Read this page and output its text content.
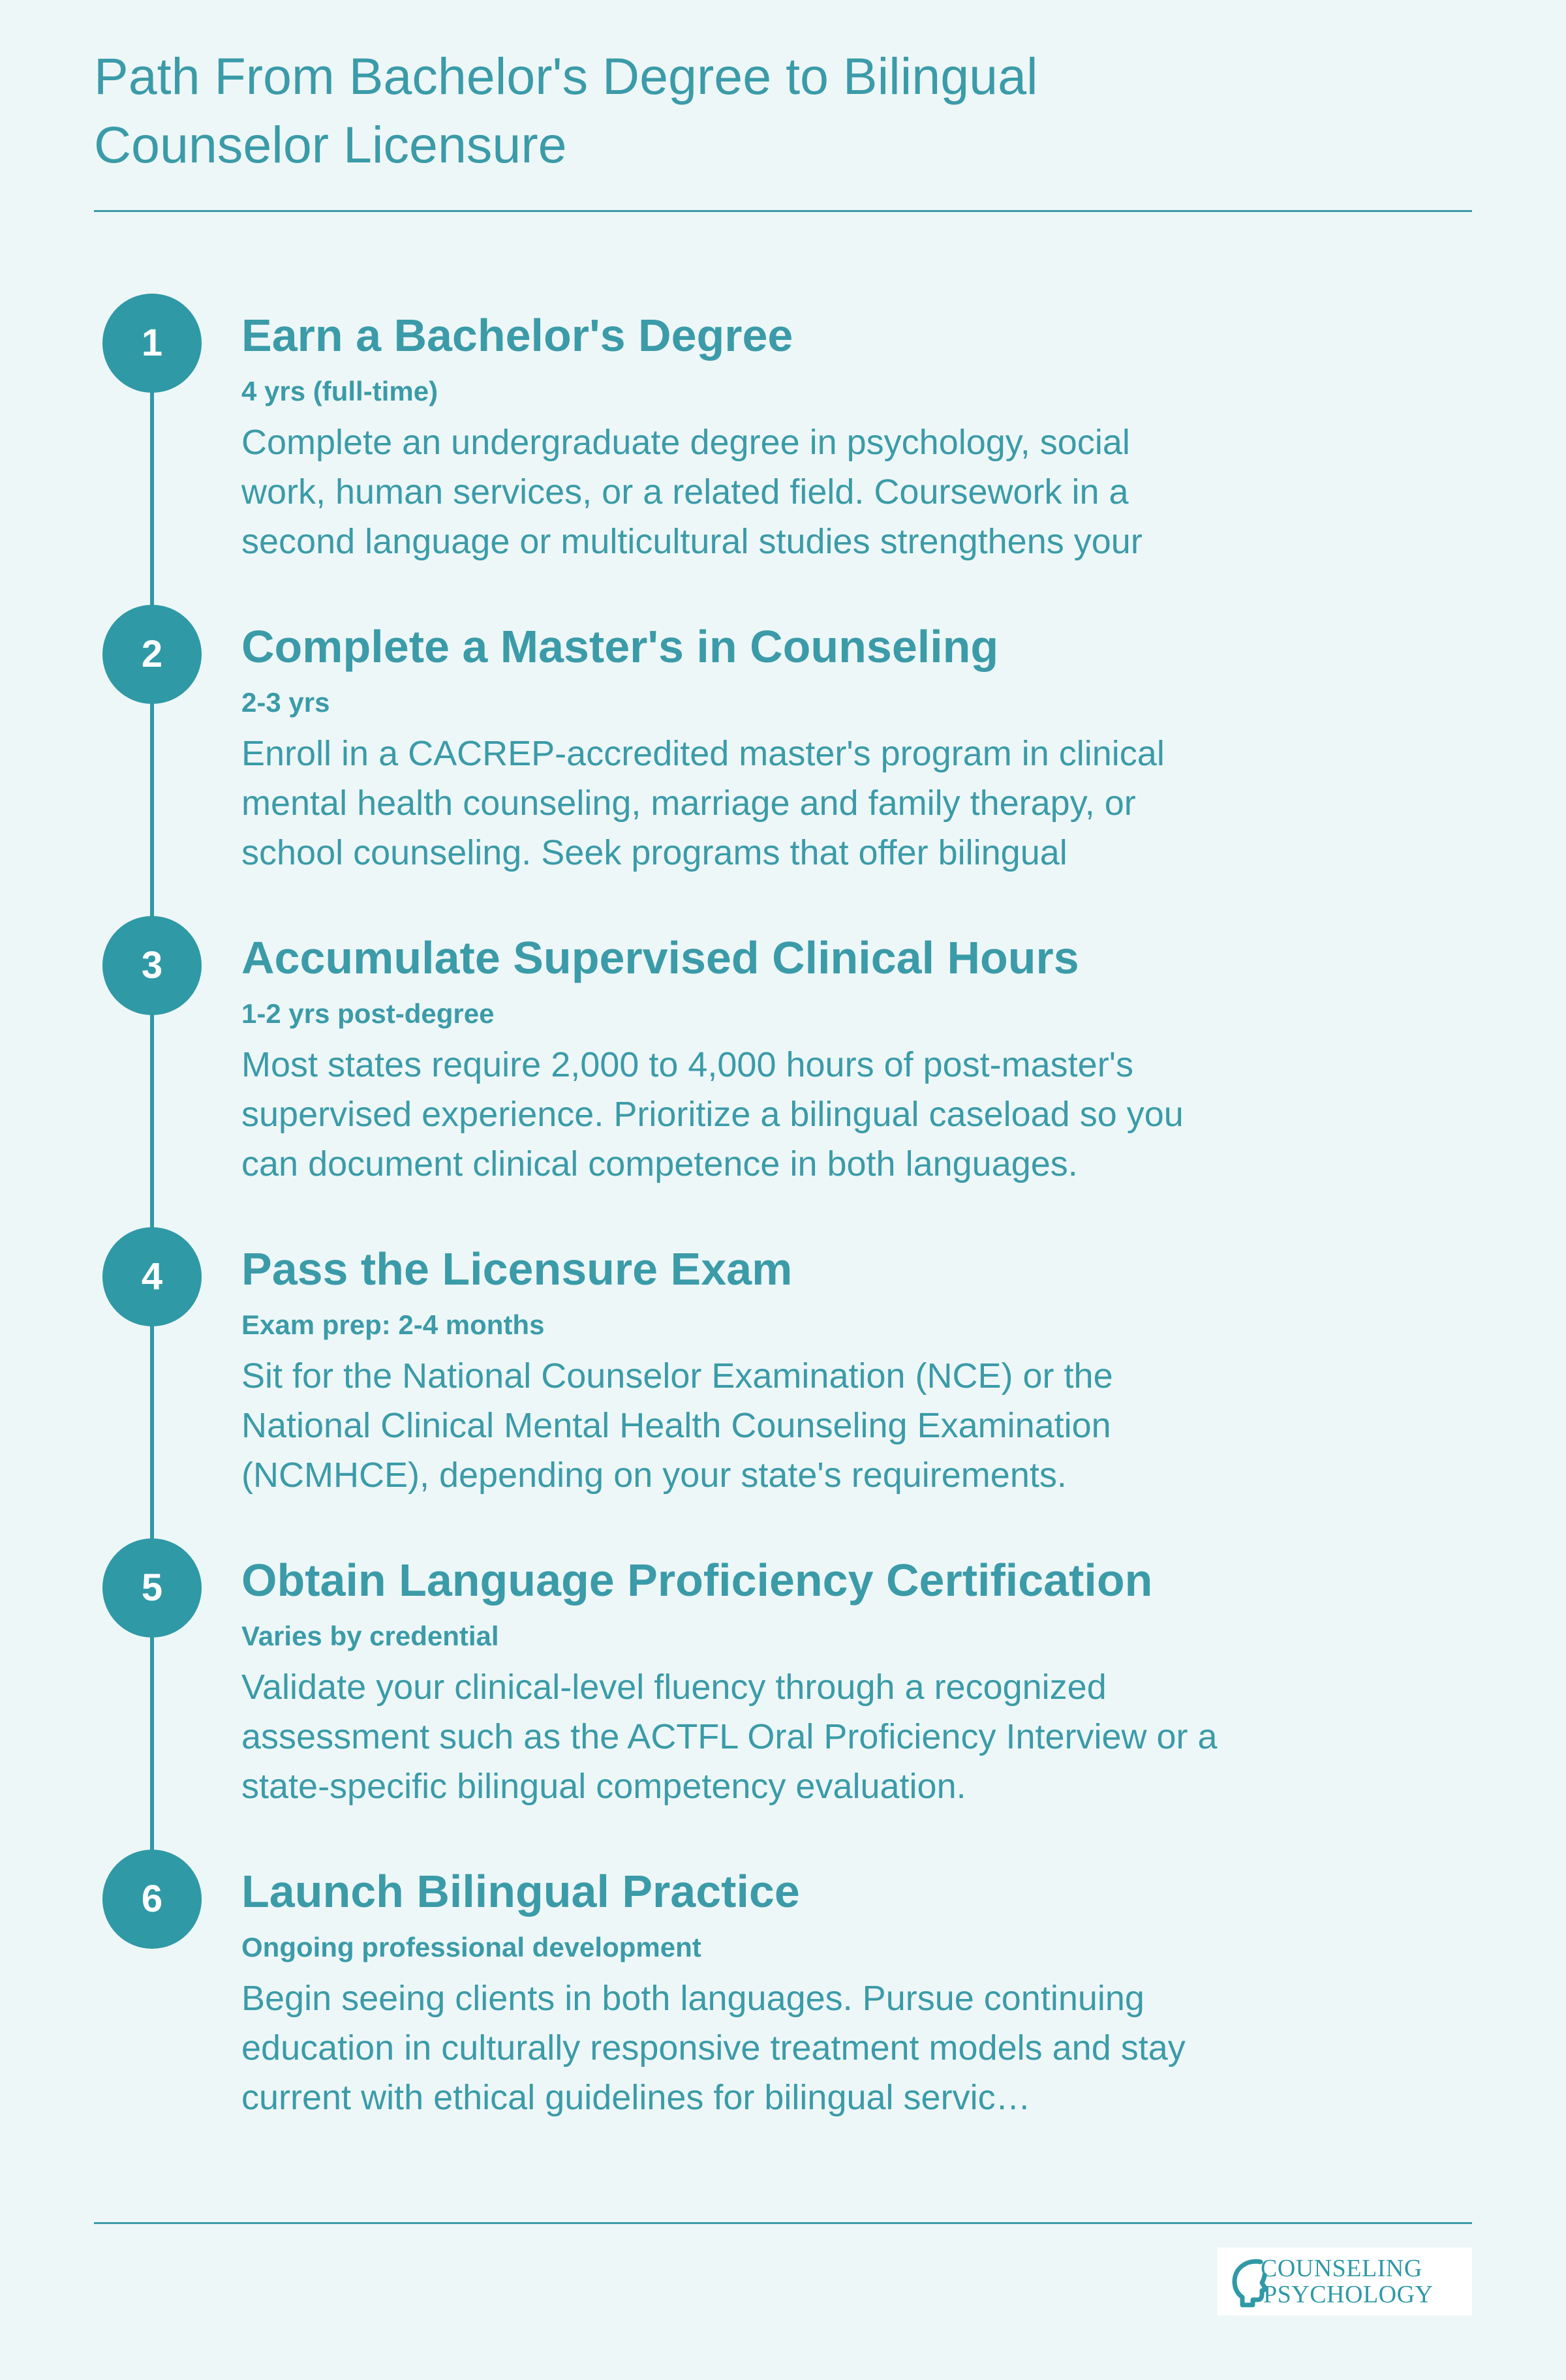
Path From Bachelor's Degree to Bilingual Counselor Licensure
1	Earn a Bachelor's Degree
4 yrs (full-time)

Complete an undergraduate degree in psychology, social work, human services, or a related field. Coursework in a second language or multicultural studies strengthens your

2	Complete a Master's in Counseling
2-3 yrs

Enroll in a CACREP-accredited master's program in clinical mental health counseling, marriage and family therapy, or school counseling. Seek programs that offer bilingual

3	Accumulate Supervised Clinical Hours
1-2 yrs post-degree

Most states require 2,000 to 4,000 hours of post-master's supervised experience. Prioritize a bilingual caseload so you can document clinical competence in both languages.

4	Pass the Licensure Exam
Exam prep: 2-4 months

Sit for the National Counselor Examination (NCE) or the National Clinical Mental Health Counseling Examination (NCMHCE), depending on your state's requirements.

5	Obtain Language Proficiency Certification
Varies by credential

Validate your clinical-level fluency through a recognized assessment such as the ACTFL Oral Proficiency Interview or a state-specific bilingual competency evaluation.

6	Launch Bilingual Practice
Ongoing professional development

Begin seeing clients in both languages. Pursue continuing education in culturally responsive treatment models and stay current with ethical guidelines for bilingual servic…

COUNSELING
PSYCHOLOGY
